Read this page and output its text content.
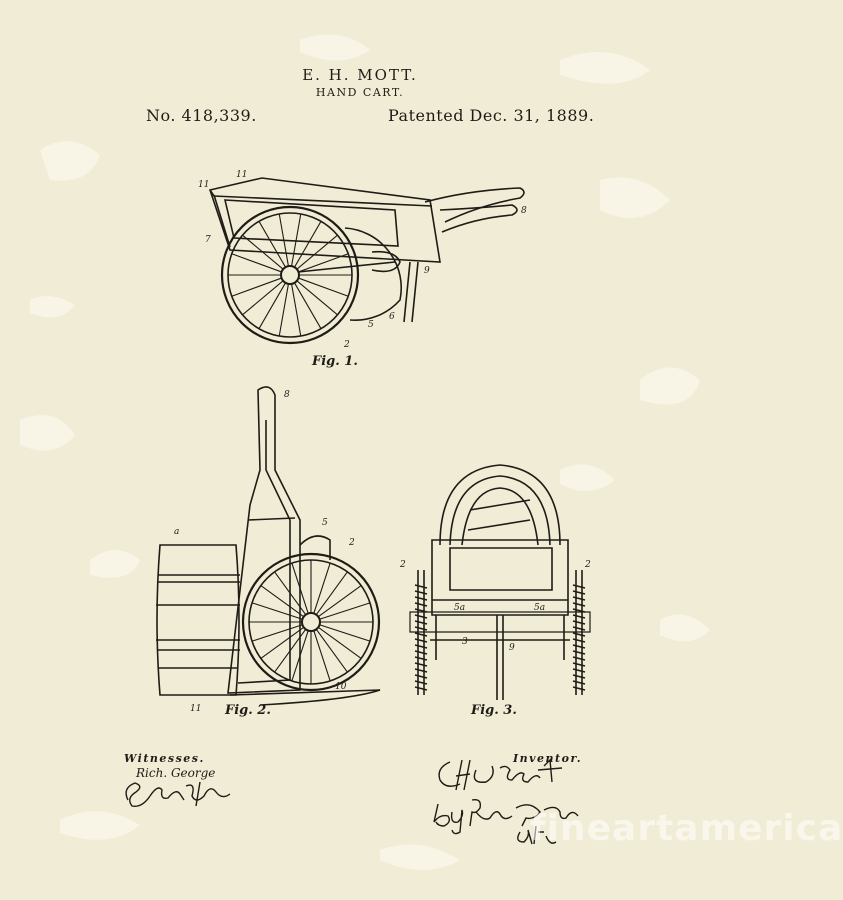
E. H. MOTT.
HAND CART.
No. 418,339.	Patented Dec. 31, 1889.
11
11
7
8
9
6
5
2
8
5
a
2
10
11
2	2
5a	5a
3
9
Fig. 1.
Fig. 2.	Fig. 3.
Witnesses.	Inventor.
Rich. George
fineartamerica
